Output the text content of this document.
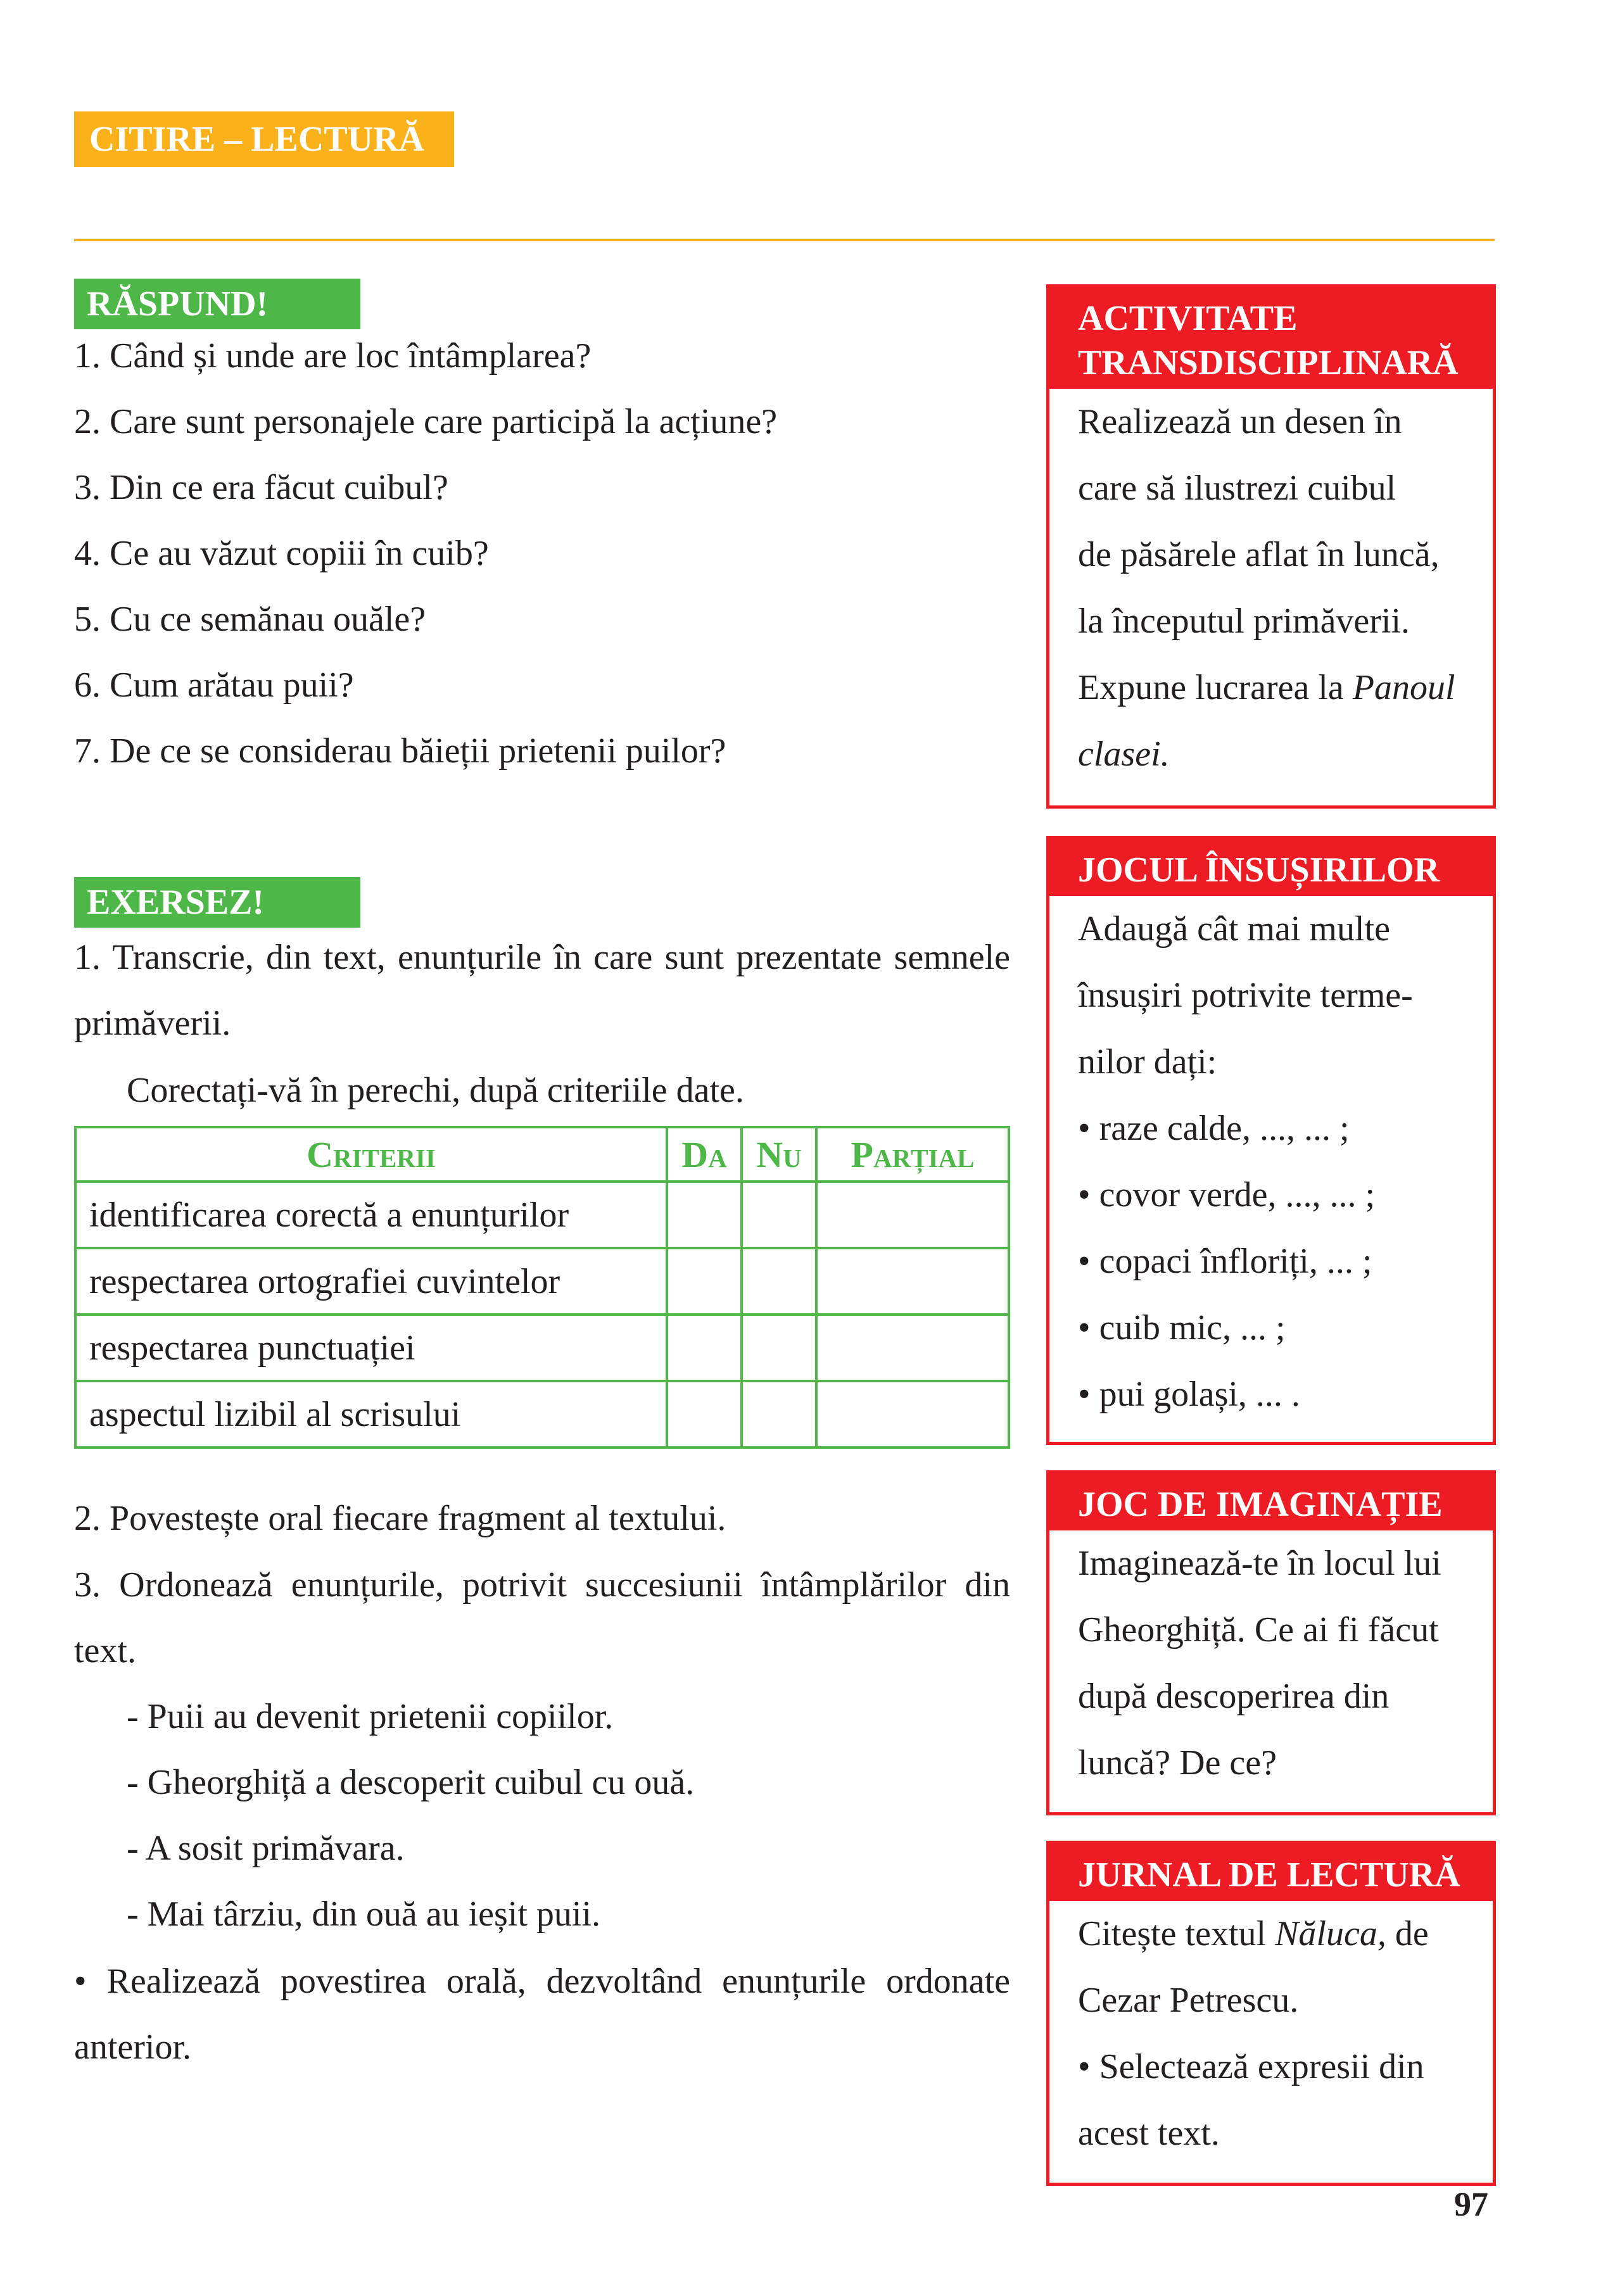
CITIRE – LECTURĂ
RĂSPUND!
1. Când și unde are loc întâmplarea?
2. Care sunt personajele care participă la acțiune?
3. Din ce era făcut cuibul?
4. Ce au văzut copiii în cuib?
5. Cu ce semănau ouăle?
6. Cum arătau puii?
7. De ce se considerau băieții prietenii puilor?
EXERSEZ!
1. Transcrie, din text, enunțurile în care sunt prezentate semnele
primăverii.
Corectați-vă în perechi, după criteriile date.
Criterii	Da	Nu	Parțial
identificarea corectă a enunțurilor			
respectarea ortografiei cuvintelor			
respectarea punctuației			
aspectul lizibil al scrisului			
2. Povestește oral fiecare fragment al textului.
3. Ordonează enunțurile, potrivit succesiunii întâmplărilor din
text.
- Puii au devenit prietenii copiilor.
- Gheorghiță a descoperit cuibul cu ouă.
- A sosit primăvara.
- Mai târziu, din ouă au ieșit puii.
• Realizează povestirea orală, dezvoltând enunțurile ordonate
anterior.
ACTIVITATE
TRANSDISCIPLINARĂ
Realizează un desen în
care să ilustrezi cuibul
de păsărele aflat în luncă,
la începutul primăverii.
Expune lucrarea la Panoul
clasei.
JOCUL ÎNSUȘIRILOR
Adaugă cât mai multe
însușiri potrivite terme-
nilor dați:
• raze calde, ..., ... ;
• covor verde, ..., ... ;
• copaci înfloriți, ... ;
• cuib mic, ... ;
• pui golași, ... .
JOC DE IMAGINAȚIE
Imaginează-te în locul lui
Gheorghiță. Ce ai fi făcut
după descoperirea din
luncă? De ce?
JURNAL DE LECTURĂ
Citește textul Năluca, de
Cezar Petrescu.
• Selectează expresii din
acest text.
97
